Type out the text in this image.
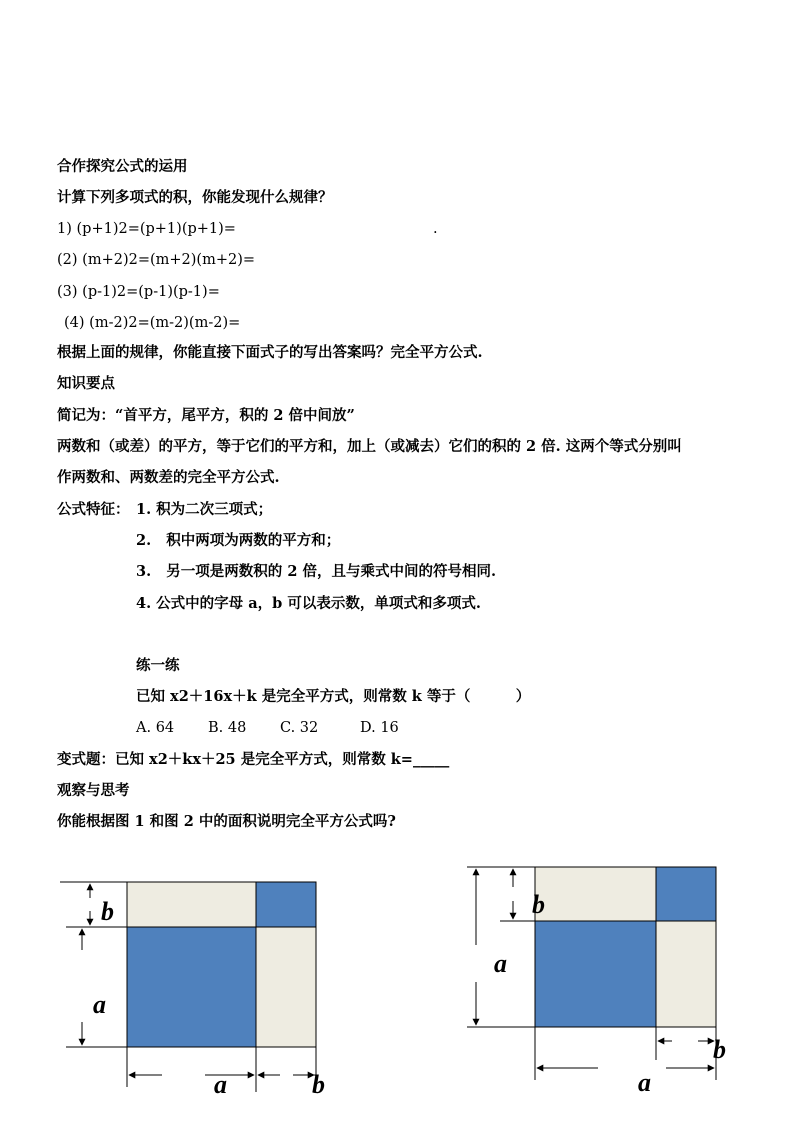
合作探究公式的运用
计算下列多项式的积，你能发现什么规律？
1) (p+1)2=(p+1)(p+1)=	.
(2) (m+2)2=(m+2)(m+2)=
(3) (p-1)2=(p-1)(p-1)=
(4) (m-2)2=(m-2)(m-2)=
根据上面的规律，你能直接下面式子的写出答案吗？完全平方公式.
知识要点
简记为：“首平方，尾平方，积的 2 倍中间放”
两数和（或差）的平方，等于它们的平方和，加上（或减去）它们的积的 2 倍. 这两个等式分别叫
作两数和、两数差的完全平方公式.
公式特征： 1. 积为二次三项式；
2.   积中两项为两数的平方和；
3.   另一项是两数积的 2 倍，且与乘式中间的符号相同.
4. 公式中的字母 a，b 可以表示数，单项式和多项式.
练一练
已知 x2＋16x＋k 是完全平方式，则常数 k 等于（         ）
A. 64 B. 48 C. 32	D. 16
变式题：已知 x2＋kx＋25 是完全平方式，则常数 k=_____
观察与思考
你能根据图 1 和图 2 中的面积说明完全平方公式吗?
b
a
a	b
b
a
b
a
